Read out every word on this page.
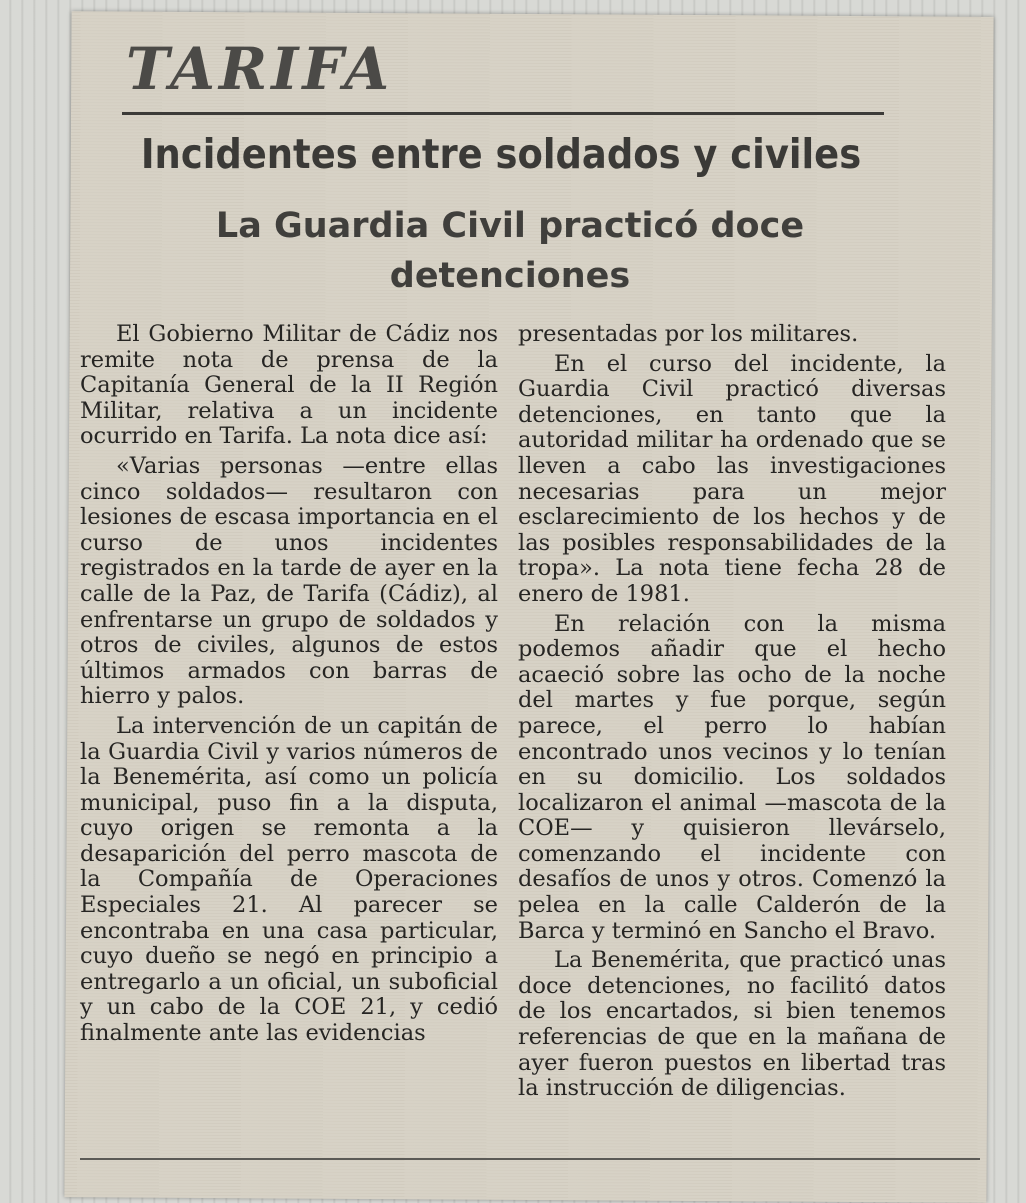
TARIFA
Incidentes entre soldados y civiles
La Guardia Civil practicó doce detenciones

El Gobierno Militar de Cádiz nos remite nota de prensa de la Capitanía General de la II Región Militar, relativa a un incidente ocurrido en Tarifa. La nota dice así:

«Varias personas —entre ellas cinco soldados— resultaron con lesiones de escasa importancia en el curso de unos incidentes registrados en la tarde de ayer en la calle de la Paz, de Tarifa (Cádiz), al enfrentarse un grupo de soldados y otros de civiles, algunos de estos últimos armados con barras de hierro y palos.

La intervención de un capitán de la Guardia Civil y varios números de la Benemérita, así como un policía municipal, puso fin a la disputa, cuyo origen se remonta a la desaparición del perro mascota de la Compañía de Operaciones Especiales 21. Al parecer se encontraba en una casa particular, cuyo dueño se negó en principio a entregarlo a un oficial, un suboficial y un cabo de la COE 21, y cedió finalmente ante las evidencias

presentadas por los militares.

En el curso del incidente, la Guardia Civil practicó diversas detenciones, en tanto que la autoridad militar ha ordenado que se lleven a cabo las investigaciones necesarias para un mejor esclarecimiento de los hechos y de las posibles responsabilidades de la tropa». La nota tiene fecha 28 de enero de 1981.

En relación con la misma podemos añadir que el hecho acaeció sobre las ocho de la noche del martes y fue porque, según parece, el perro lo habían encontrado unos vecinos y lo tenían en su domicilio. Los soldados localizaron el animal —mascota de la COE— y quisieron llevárselo, comenzando el incidente con desafíos de unos y otros. Comenzó la pelea en la calle Calderón de la Barca y terminó en Sancho el Bravo.

La Benemérita, que practicó unas doce detenciones, no facilitó datos de los encartados, si bien tenemos referencias de que en la mañana de ayer fueron puestos en libertad tras la instrucción de diligencias.
